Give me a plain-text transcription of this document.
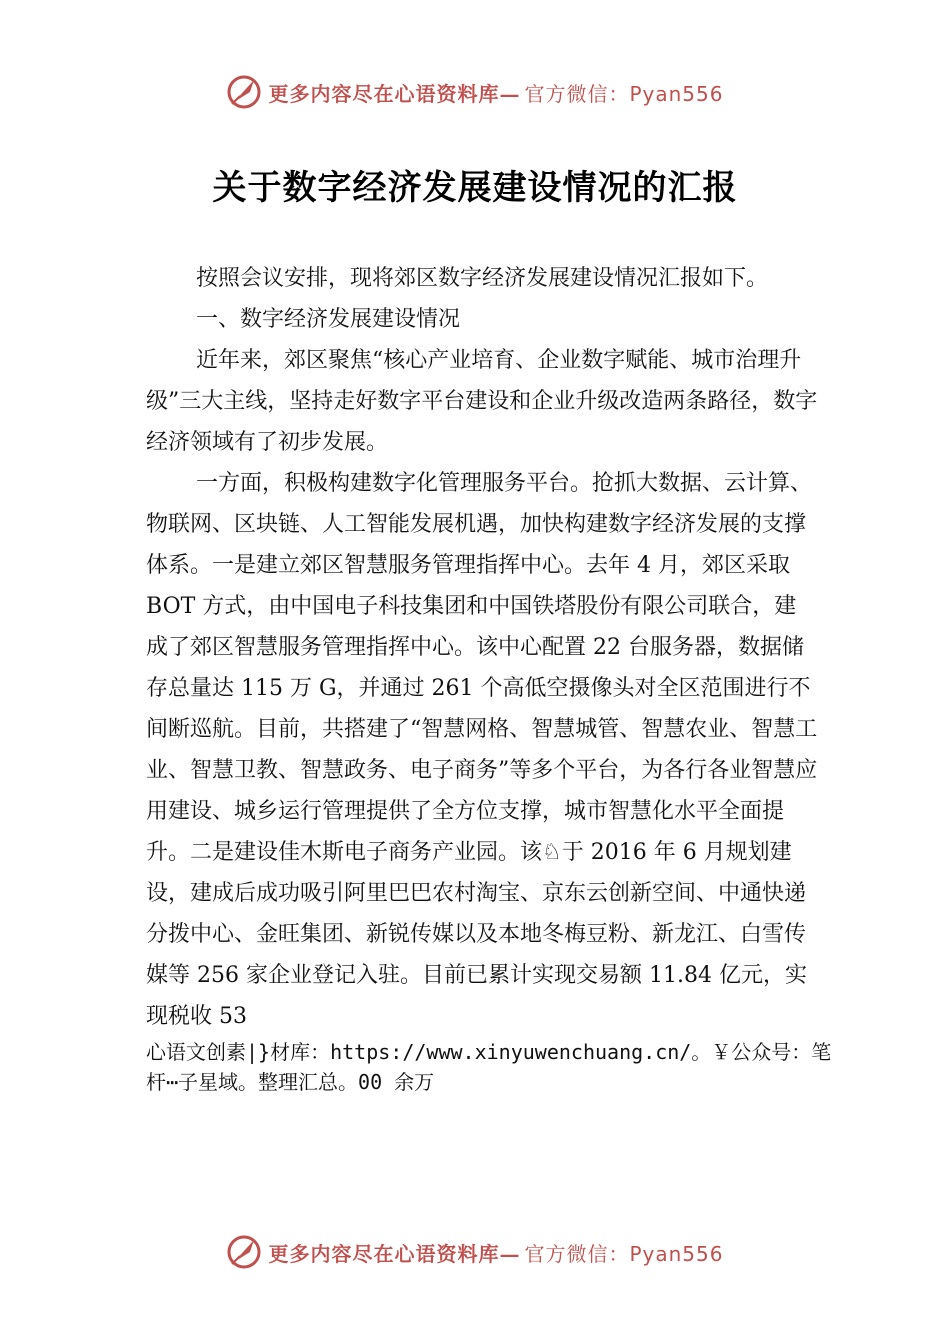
更多内容尽在心语资料库— 官方微信：Pyan556
关于数字经济发展建设情况的汇报

按照会议安排，现将郊区数字经济发展建设情况汇报如下。

一、数字经济发展建设情况

近年来，郊区聚焦“核心产业培育、企业数字赋能、城市治理升级”三大主线，坚持走好数字平台建设和企业升级改造两条路径，数字经济领域有了初步发展。

一方面，积极构建数字化管理服务平台。抢抓大数据、云计算、物联网、区块链、人工智能发展机遇，加快构建数字经济发展的支撑体系。一是建立郊区智慧服务管理指挥中心。去年 4 月，郊区采取 BOT 方式，由中国电子科技集团和中国铁塔股份有限公司联合，建成了郊区智慧服务管理指挥中心。该中心配置 22 台服务器，数据储存总量达 115 万 G，并通过 261 个高低空摄像头对全区范围进行不间断巡航。目前，共搭建了“智慧网格、智慧城管、智慧农业、智慧工业、智慧卫教、智慧政务、电子商务”等多个平台，为各行各业智慧应用建设、城乡运行管理提供了全方位支撑，城市智慧化水平全面提升。二是建设佳木斯电子商务产业园。该♘于 2016 年 6 月规划建设，建成后成功吸引阿里巴巴农村淘宝、京东云创新空间、中通快递分拨中心、金旺集团、新锐传媒以及本地冬梅豆粉、新龙江、白雪传媒等 256 家企业登记入驻。目前已累计实现交易额 11.84 亿元，实现税收 53

心语文创素|}材库：https://www.xinyuwenchuang.cn/。￥公众号：笔杆⋯子星域。整理汇总。00 余万

更多内容尽在心语资料库— 官方微信：Pyan556
